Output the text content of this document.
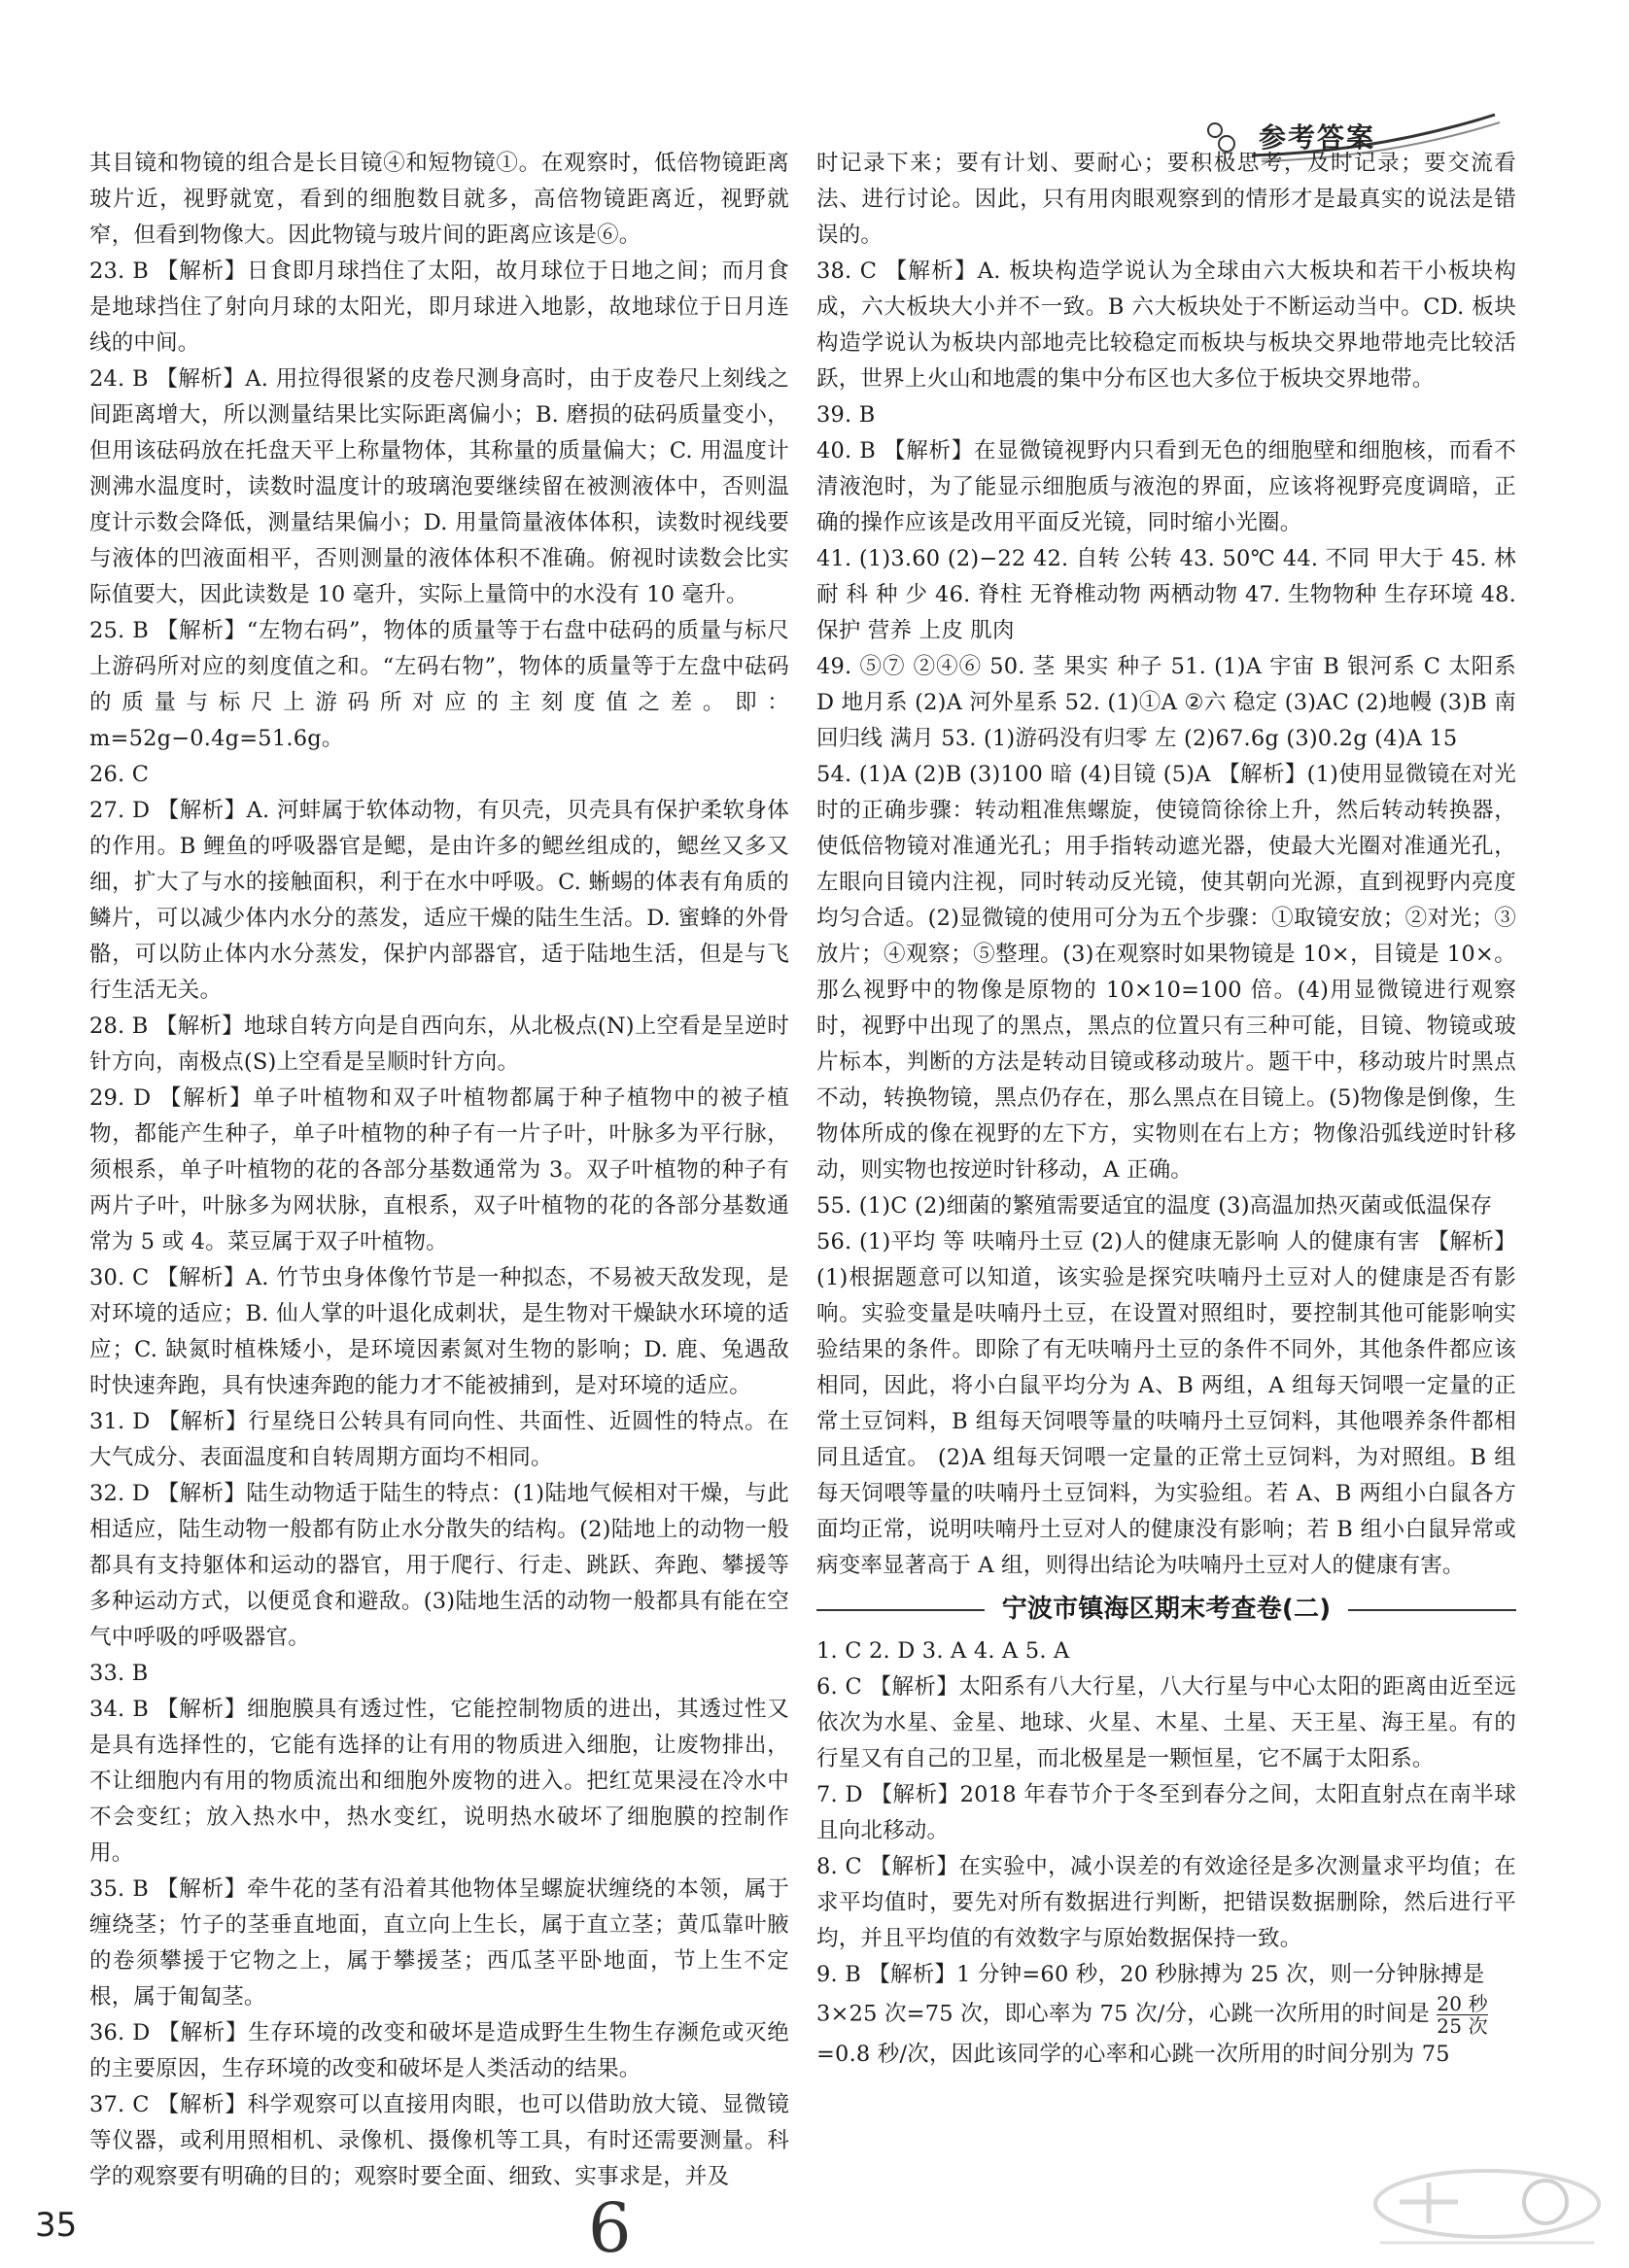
参考答案

其目镜和物镜的组合是长目镜④和短物镜①。在观察时，低倍物镜距离玻片近，视野就宽，看到的细胞数目就多，高倍物镜距离近，视野就窄，但看到物像大。因此物镜与玻片间的距离应该是⑥。

23. B 【解析】日食即月球挡住了太阳，故月球位于日地之间；而月食是地球挡住了射向月球的太阳光，即月球进入地影，故地球位于日月连线的中间。

24. B 【解析】A. 用拉得很紧的皮卷尺测身高时，由于皮卷尺上刻线之间距离增大，所以测量结果比实际距离偏小；B. 磨损的砝码质量变小，但用该砝码放在托盘天平上称量物体，其称量的质量偏大；C. 用温度计测沸水温度时，读数时温度计的玻璃泡要继续留在被测液体中，否则温度计示数会降低，测量结果偏小；D. 用量筒量液体体积，读数时视线要与液体的凹液面相平，否则测量的液体体积不准确。俯视时读数会比实际值要大，因此读数是 10 毫升，实际上量筒中的水没有 10 毫升。

25. B 【解析】“左物右码”，物体的质量等于右盘中砝码的质量与标尺上游码所对应的刻度值之和。“左码右物”，物体的质量等于左盘中砝码的质量与标尺上游码所对应的主刻度值之差。即：m=52g−0.4g=51.6g。

26. C

27. D 【解析】A. 河蚌属于软体动物，有贝壳，贝壳具有保护柔软身体的作用。B 鲤鱼的呼吸器官是鳃，是由许多的鳃丝组成的，鳃丝又多又细，扩大了与水的接触面积，利于在水中呼吸。C. 蜥蜴的体表有角质的鳞片，可以减少体内水分的蒸发，适应干燥的陆生生活。D. 蜜蜂的外骨骼，可以防止体内水分蒸发，保护内部器官，适于陆地生活，但是与飞行生活无关。

28. B 【解析】地球自转方向是自西向东，从北极点(N)上空看是呈逆时针方向，南极点(S)上空看是呈顺时针方向。

29. D 【解析】单子叶植物和双子叶植物都属于种子植物中的被子植物，都能产生种子，单子叶植物的种子有一片子叶，叶脉多为平行脉，须根系，单子叶植物的花的各部分基数通常为 3。双子叶植物的种子有两片子叶，叶脉多为网状脉，直根系，双子叶植物的花的各部分基数通常为 5 或 4。菜豆属于双子叶植物。

30. C 【解析】A. 竹节虫身体像竹节是一种拟态，不易被天敌发现，是对环境的适应；B. 仙人掌的叶退化成刺状，是生物对干燥缺水环境的适应；C. 缺氮时植株矮小，是环境因素氮对生物的影响；D. 鹿、兔遇敌时快速奔跑，具有快速奔跑的能力才不能被捕到，是对环境的适应。

31. D 【解析】行星绕日公转具有同向性、共面性、近圆性的特点。在大气成分、表面温度和自转周期方面均不相同。

32. D 【解析】陆生动物适于陆生的特点：(1)陆地气候相对干燥，与此相适应，陆生动物一般都有防止水分散失的结构。(2)陆地上的动物一般都具有支持躯体和运动的器官，用于爬行、行走、跳跃、奔跑、攀援等多种运动方式，以便觅食和避敌。(3)陆地生活的动物一般都具有能在空气中呼吸的呼吸器官。

33. B

34. B 【解析】细胞膜具有透过性，它能控制物质的进出，其透过性又是具有选择性的，它能有选择的让有用的物质进入细胞，让废物排出，不让细胞内有用的物质流出和细胞外废物的进入。把红苋果浸在冷水中不会变红；放入热水中，热水变红，说明热水破坏了细胞膜的控制作用。

35. B 【解析】牵牛花的茎有沿着其他物体呈螺旋状缠绕的本领，属于缠绕茎；竹子的茎垂直地面，直立向上生长，属于直立茎；黄瓜靠叶腋的卷须攀援于它物之上，属于攀援茎；西瓜茎平卧地面，节上生不定根，属于匍匐茎。

36. D 【解析】生存环境的改变和破坏是造成野生生物生存濒危或灭绝的主要原因，生存环境的改变和破坏是人类活动的结果。

37. C 【解析】科学观察可以直接用肉眼，也可以借助放大镜、显微镜等仪器，或利用照相机、录像机、摄像机等工具，有时还需要测量。科学的观察要有明确的目的；观察时要全面、细致、实事求是，并及

时记录下来；要有计划、要耐心；要积极思考，及时记录；要交流看法、进行讨论。因此，只有用肉眼观察到的情形才是最真实的说法是错误的。

38. C 【解析】A. 板块构造学说认为全球由六大板块和若干小板块构成，六大板块大小并不一致。B 六大板块处于不断运动当中。CD. 板块构造学说认为板块内部地壳比较稳定而板块与板块交界地带地壳比较活跃，世界上火山和地震的集中分布区也大多位于板块交界地带。

39. B

40. B 【解析】在显微镜视野内只看到无色的细胞壁和细胞核，而看不清液泡时，为了能显示细胞质与液泡的界面，应该将视野亮度调暗，正确的操作应该是改用平面反光镜，同时缩小光圈。

41. (1)3.60 (2)−22 42. 自转 公转 43. 50℃ 44. 不同 甲大于 45. 林耐 科 种 少 46. 脊柱 无脊椎动物 两栖动物 47. 生物物种 生存环境 48. 保护 营养 上皮 肌肉

49. ⑤⑦ ②④⑥ 50. 茎 果实 种子 51. (1)A 宇宙 B 银河系 C 太阳系 D 地月系 (2)A 河外星系 52. (1)①A ②六 稳定 (3)AC (2)地幔 (3)B 南回归线 满月 53. (1)游码没有归零 左 (2)67.6g (3)0.2g (4)A 15

54. (1)A (2)B (3)100 暗 (4)目镜 (5)A 【解析】(1)使用显微镜在对光时的正确步骤：转动粗准焦螺旋，使镜筒徐徐上升，然后转动转换器，使低倍物镜对准通光孔；用手指转动遮光器，使最大光圈对准通光孔，左眼向目镜内注视，同时转动反光镜，使其朝向光源，直到视野内亮度均匀合适。(2)显微镜的使用可分为五个步骤：①取镜安放；②对光；③放片；④观察；⑤整理。(3)在观察时如果物镜是 10×，目镜是 10×。那么视野中的物像是原物的 10×10=100 倍。(4)用显微镜进行观察时，视野中出现了的黑点，黑点的位置只有三种可能，目镜、物镜或玻片标本，判断的方法是转动目镜或移动玻片。题干中，移动玻片时黑点不动，转换物镜，黑点仍存在，那么黑点在目镜上。(5)物像是倒像，生物体所成的像在视野的左下方，实物则在右上方；物像沿弧线逆时针移动，则实物也按逆时针移动，A 正确。

55. (1)C (2)细菌的繁殖需要适宜的温度 (3)高温加热灭菌或低温保存

56. (1)平均 等 呋喃丹土豆 (2)人的健康无影响 人的健康有害 【解析】(1)根据题意可以知道，该实验是探究呋喃丹土豆对人的健康是否有影响。实验变量是呋喃丹土豆，在设置对照组时，要控制其他可能影响实验结果的条件。即除了有无呋喃丹土豆的条件不同外，其他条件都应该相同，因此，将小白鼠平均分为 A、B 两组，A 组每天饲喂一定量的正常土豆饲料，B 组每天饲喂等量的呋喃丹土豆饲料，其他喂养条件都相同且适宜。 (2)A 组每天饲喂一定量的正常土豆饲料，为对照组。B 组每天饲喂等量的呋喃丹土豆饲料，为实验组。若 A、B 两组小白鼠各方面均正常，说明呋喃丹土豆对人的健康没有影响；若 B 组小白鼠异常或病变率显著高于 A 组，则得出结论为呋喃丹土豆对人的健康有害。

宁波市镇海区期末考查卷(二)

1. C 2. D 3. A 4. A 5. A

6. C 【解析】太阳系有八大行星，八大行星与中心太阳的距离由近至远依次为水星、金星、地球、火星、木星、土星、天王星、海王星。有的行星又有自己的卫星，而北极星是一颗恒星，它不属于太阳系。

7. D 【解析】2018 年春节介于冬至到春分之间，太阳直射点在南半球且向北移动。

8. C 【解析】在实验中，减小误差的有效途径是多次测量求平均值；在求平均值时，要先对所有数据进行判断，把错误数据删除，然后进行平均，并且平均值的有效数字与原始数据保持一致。

9. B 【解析】1 分钟=60 秒，20 秒脉搏为 25 次，则一分钟脉搏是

3×25 次=75 次，即心率为 75 次/分，心跳一次所用的时间是 $\frac{\text{20 秒}}{\text{25 次}}$

=0.8 秒/次，因此该同学的心率和心跳一次所用的时间分别为 75

35	6
